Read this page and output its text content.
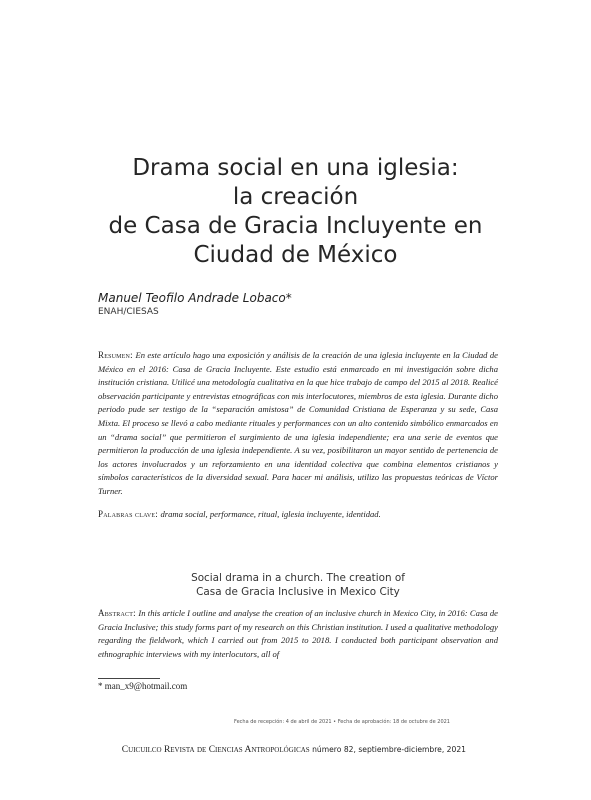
Drama social en una iglesia:
la creación
de Casa de Gracia Incluyente en
Ciudad de México
Manuel Teofilo Andrade Lobaco*
ENAH/CIESAS
Resumen: En este artículo hago una exposición y análisis de la creación de una iglesia incluyente en la Ciudad de México en el 2016: Casa de Gracia Incluyente. Este estudio está enmarcado en mi investigación sobre dicha institución cristiana. Utilicé una metodología cualitativa en la que hice trabajo de campo del 2015 al 2018. Realicé observación participante y entrevistas etnográficas con mis interlocutores, miembros de esta iglesia. Durante dicho periodo pude ser testigo de la “separación amistosa” de Comunidad Cristiana de Esperanza y su sede, Casa Mixta. El proceso se llevó a cabo mediante rituales y performances con un alto contenido simbólico enmarcados en un “drama social” que permitieron el surgimiento de una iglesia independiente; era una serie de eventos que permitieron la producción de una iglesia independiente. A su vez, posibilitaron un mayor sentido de pertenencia de los actores involucrados y un reforzamiento en una identidad colectiva que combina elementos cristianos y símbolos característicos de la diversidad sexual. Para hacer mi análisis, utilizo las propuestas teóricas de Víctor Turner.
Palabras clave: drama social, performance, ritual, iglesia incluyente, identidad.
Social drama in a church. The creation of
Casa de Gracia Inclusive in Mexico City
Abstract: In this article I outline and analyse the creation of an inclusive church in Mexico City, in 2016: Casa de Gracia Inclusive; this study forms part of my research on this Christian institution. I used a qualitative methodology regarding the fieldwork, which I carried out from 2015 to 2018. I conducted both participant observation and ethnographic interviews with my interlocutors, all of
* man_x9@hotmail.com
Fecha de recepción: 4 de abril de 2021 • Fecha de aprobación: 18 de octubre de 2021
Cuicuilco Revista de Ciencias Antropológicas número 82, septiembre-diciembre, 2021
